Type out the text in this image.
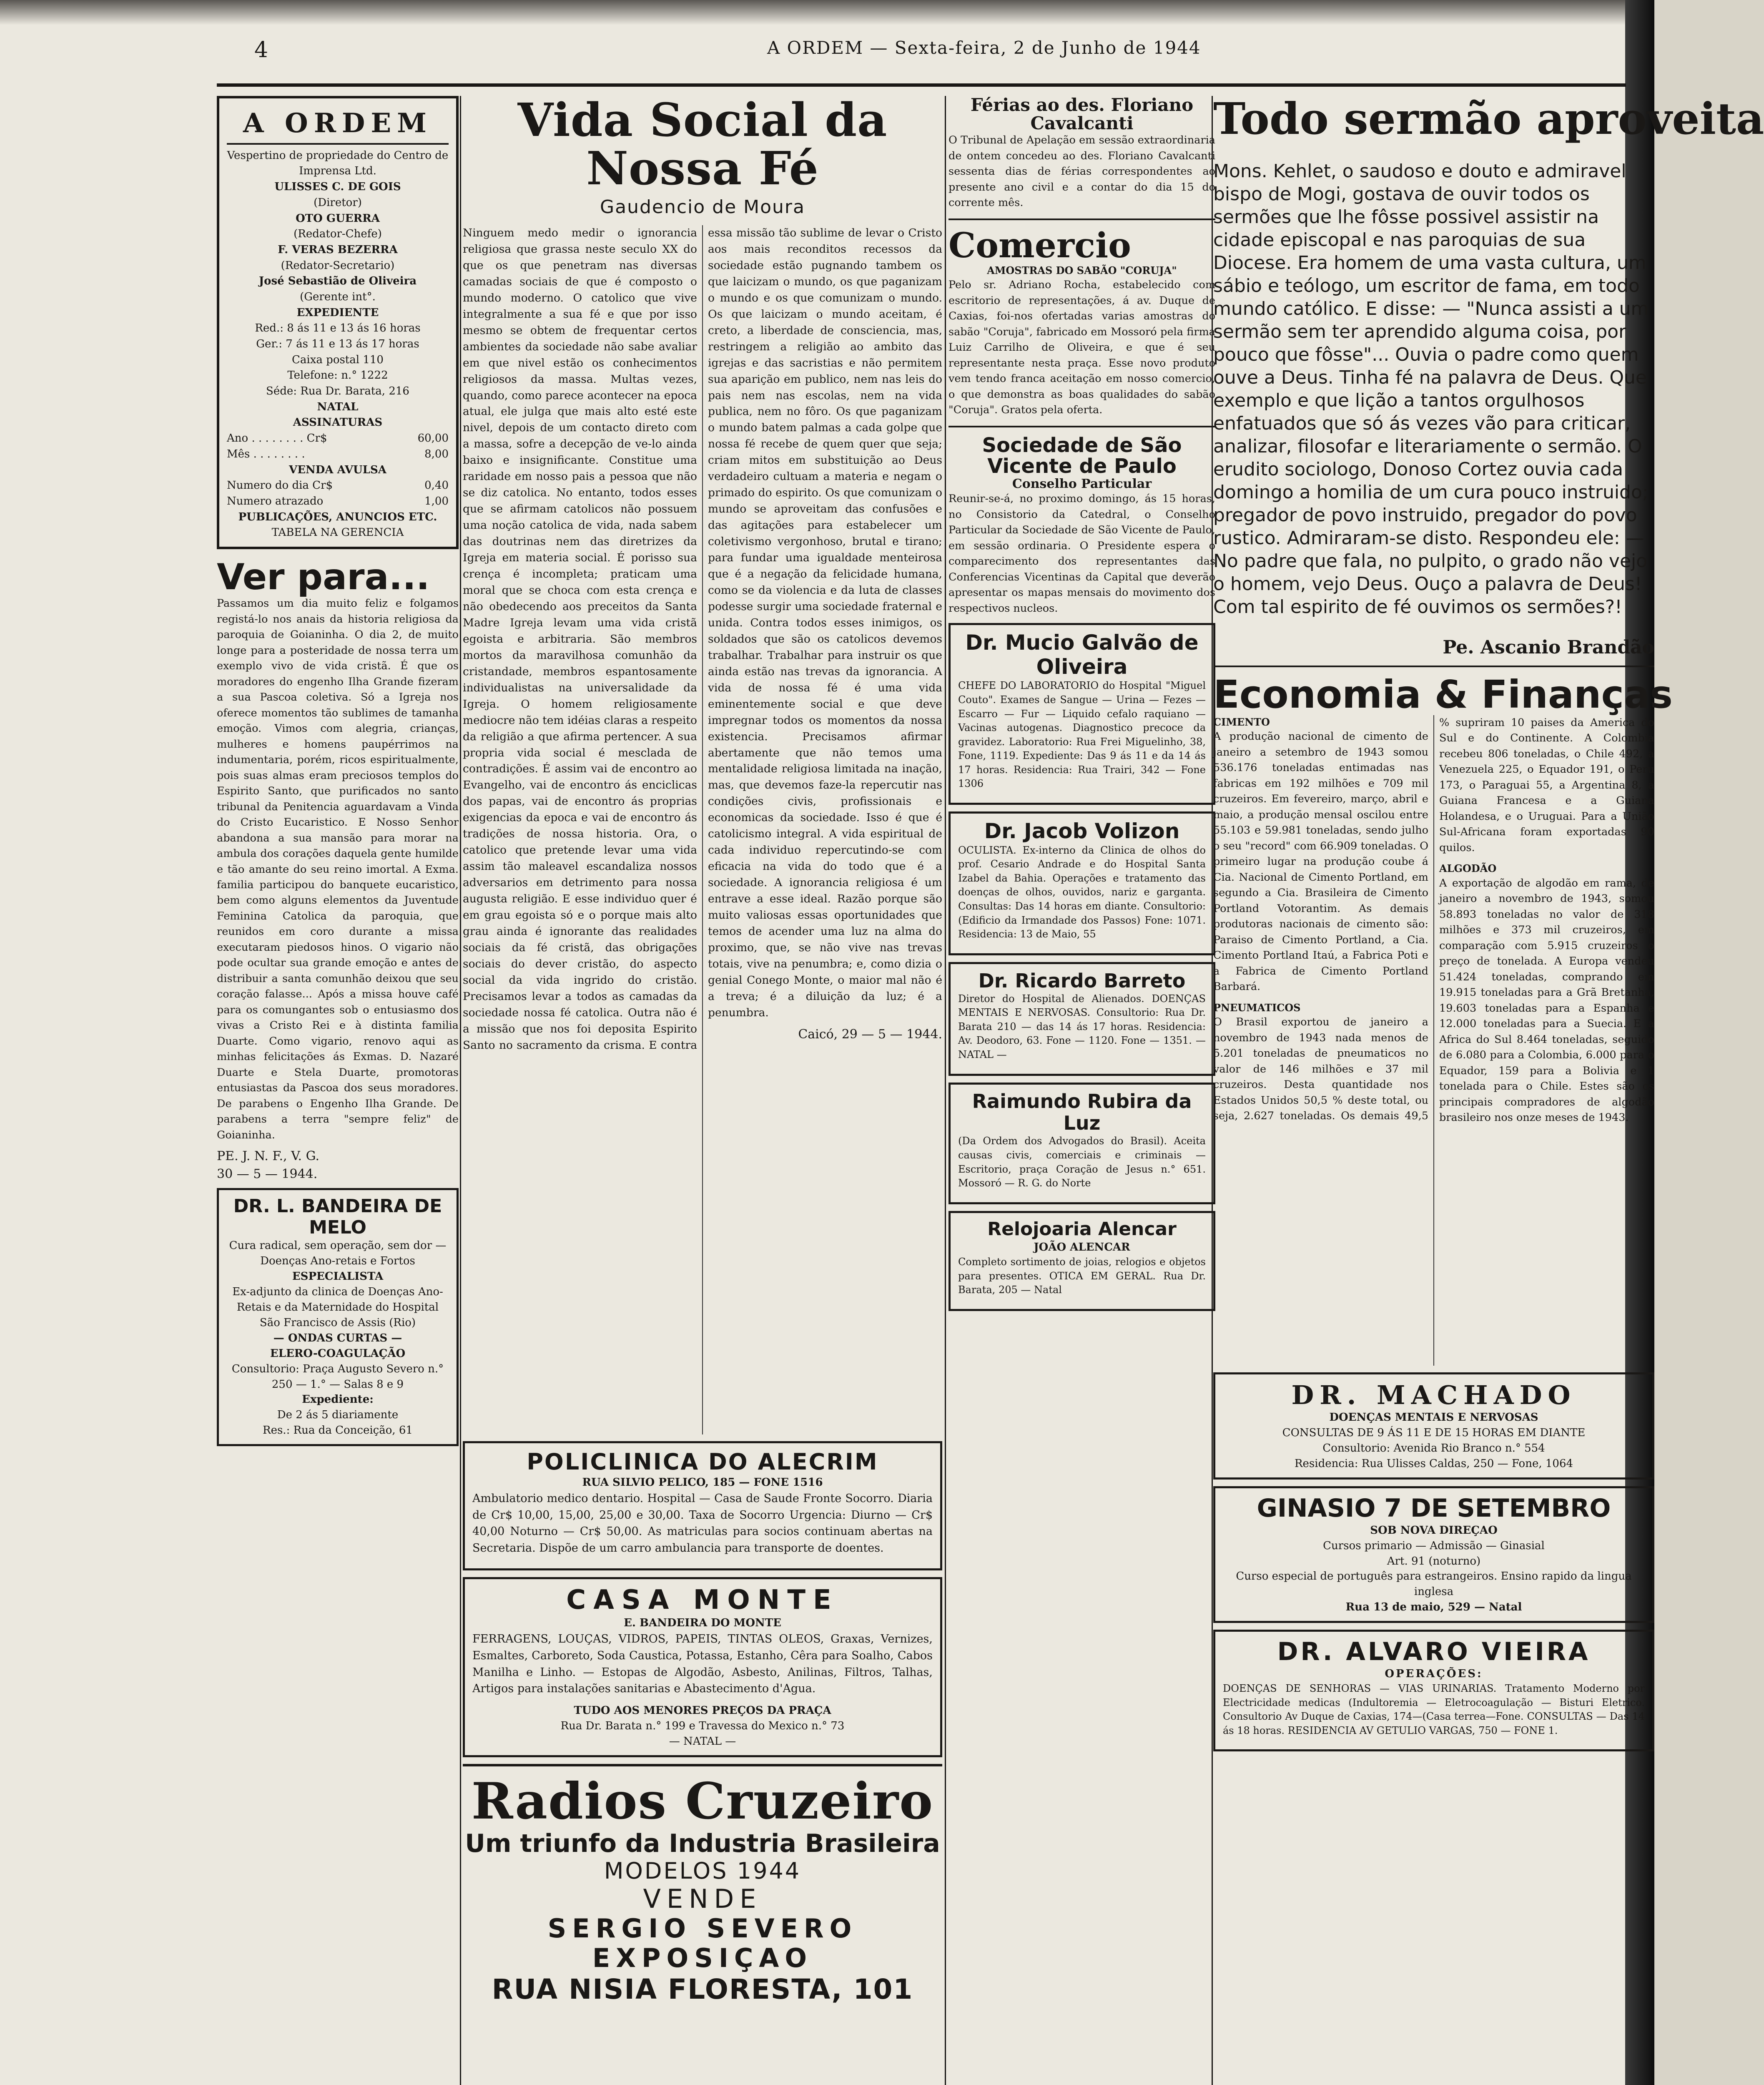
4	A ORDEM — Sexta-feira, 2 de Junho de 1944
A ORDEM
Vespertino de propriedade do Centro de Imprensa Ltd.
ULISSES C. DE GOIS
(Diretor)
OTO GUERRA
(Redator-Chefe)
F. VERAS BEZERRA
(Redator-Secretario)
José Sebastião de Oliveira
(Gerente int°.
EXPEDIENTE
Red.: 8 ás 11 e 13 ás 16 horas
Ger.: 7 ás 11 e 13 ás 17 horas
Caixa postal 110
Telefone: n.° 1222
Séde: Rua Dr. Barata, 216
NATAL
ASSINATURAS
Ano . . . . . . . . Cr$	60,00
Mês . . . . . . . .	8,00
VENDA AVULSA
Numero do dia Cr$	0,40
Numero atrazado	1,00
PUBLICAÇÕES, ANUNCIOS ETC.
TABELA NA GERENCIA
Ver para...

Passamos um dia muito feliz e folgamos registá-lo nos anais da historia religiosa da paroquia de Goianinha. O dia 2, de muito longe para a posteridade de nossa terra um exemplo vivo de vida cristã. É que os moradores do engenho Ilha Grande fizeram a sua Pascoa coletiva. Só a Igreja nos oferece momentos tão sublimes de tamanha emoção. Vimos com alegria, crianças, mulheres e homens paupérrimos na indumentaria, porém, ricos espiritualmente, pois suas almas eram preciosos templos do Espirito Santo, que purificados no santo tribunal da Penitencia aguardavam a Vinda do Cristo Eucaristico. E Nosso Senhor abandona a sua mansão para morar na ambula dos corações daquela gente humilde e tão amante do seu reino imortal. A Exma. familia participou do banquete eucaristico, bem como alguns elementos da Juventude Feminina Catolica da paroquia, que reunidos em coro durante a missa executaram piedosos hinos. O vigario não pode ocultar sua grande emoção e antes de distribuir a santa comunhão deixou que seu coração falasse... Após a missa houve café para os comungantes sob o entusiasmo dos vivas a Cristo Rei e à distinta familia Duarte. Como vigario, renovo aqui as minhas felicitações ás Exmas. D. Nazaré Duarte e Stela Duarte, promotoras entusiastas da Pascoa dos seus moradores. De parabens o Engenho Ilha Grande. De parabens a terra "sempre feliz" de Goianinha.

PE. J. N. F., V. G.
30 — 5 — 1944.
DR. L. BANDEIRA DE MELO
Cura radical, sem operação, sem dor — Doenças Ano-retais e Fortos
ESPECIALISTA
Ex-adjunto da clinica de Doenças Ano-Retais e da Maternidade do Hospital São Francisco de Assis (Rio)
— ONDAS CURTAS —
ELERO-COAGULAÇÃO
Consultorio: Praça Augusto Severo n.° 250 — 1.° — Salas 8 e 9
Expediente:
De 2 ás 5 diariamente
Res.: Rua da Conceição, 61
Vida Social da Nossa Fé
Gaudencio de Moura

Ninguem medo medir o ignorancia religiosa que grassa neste seculo XX do que os que penetram nas diversas camadas sociais de que é composto o mundo moderno. O catolico que vive integralmente a sua fé e que por isso mesmo se obtem de frequentar certos ambientes da sociedade não sabe avaliar em que nivel estão os conhecimentos religiosos da massa. Multas vezes, quando, como parece acontecer na epoca atual, ele julga que mais alto esté este nivel, depois de um contacto direto com a massa, sofre a decepção de ve-lo ainda baixo e insignificante. Constitue uma raridade em nosso pais a pessoa que não se diz catolica. No entanto, todos esses que se afirmam catolicos não possuem uma noção catolica de vida, nada sabem das doutrinas nem das diretrizes da Igreja em materia social. É porisso sua crença é incompleta; praticam uma moral que se choca com esta crença e não obedecendo aos preceitos da Santa Madre Igreja levam uma vida cristã egoista e arbitraria. São membros mortos da maravilhosa comunhão da cristandade, membros espantosamente individualistas na universalidade da Igreja. O homem religiosamente mediocre não tem idéias claras a respeito da religião a que afirma pertencer. A sua propria vida social é mesclada de contradições. É assim vai de encontro ao Evangelho, vai de encontro ás enciclicas dos papas, vai de encontro ás proprias exigencias da epoca e vai de encontro ás tradições de nossa historia. Ora, o catolico que pretende levar uma vida assim tão maleavel escandaliza nossos adversarios em detrimento para nossa augusta religião. E esse individuo quer é em grau egoista só e o porque mais alto grau ainda é ignorante das realidades sociais da fé cristã, das obrigações sociais do dever cristão, do aspecto social da vida ingrido do cristão. Precisamos levar a todos as camadas da sociedade nossa fé catolica. Outra não é a missão que nos foi deposita Espirito Santo no sacramento da crisma. E contra essa missão tão sublime de levar o Cristo aos mais reconditos recessos da sociedade estão pugnando tambem os que laicizam o mundo, os que paganizam o mundo e os que comunizam o mundo. Os que laicizam o mundo aceitam, é creto, a liberdade de consciencia, mas, restringem a religião ao ambito das igrejas e das sacristias e não permitem sua aparição em publico, nem nas leis do pais nem nas escolas, nem na vida publica, nem no fôro. Os que paganizam o mundo batem palmas a cada golpe que nossa fé recebe de quem quer que seja; criam mitos em substituição ao Deus verdadeiro cultuam a materia e negam o primado do espirito. Os que comunizam o mundo se aproveitam das confusões e das agitações para estabelecer um coletivismo vergonhoso, brutal e tirano; para fundar uma igualdade menteirosa que é a negação da felicidade humana, como se da violencia e da luta de classes podesse surgir uma sociedade fraternal e unida. Contra todos esses inimigos, os soldados que são os catolicos devemos trabalhar. Trabalhar para instruir os que ainda estão nas trevas da ignorancia. A vida de nossa fé é uma vida eminentemente social e que deve impregnar todos os momentos da nossa existencia. Precisamos afirmar abertamente que não temos uma mentalidade religiosa limitada na inação, mas, que devemos faze-la repercutir nas condições civis, profissionais e economicas da sociedade. Isso é que é catolicismo integral. A vida espiritual de cada individuo repercutindo-se com eficacia na vida do todo que é a sociedade. A ignorancia religiosa é um entrave a esse ideal. Razão porque são muito valiosas essas oportunidades que temos de acender uma luz na alma do proximo, que, se não vive nas trevas totais, vive na penumbra; e, como dizia o genial Conego Monte, o maior mal não é a treva; é a diluição da luz; é a penumbra.

Caicó, 29 — 5 — 1944.
POLICLINICA DO ALECRIM
RUA SILVIO PELICO, 185 — FONE 1516

Ambulatorio medico dentario. Hospital — Casa de Saude Fronte Socorro. Diaria de Cr$ 10,00, 15,00, 25,00 e 30,00. Taxa de Socorro Urgencia: Diurno — Cr$ 40,00 Noturno — Cr$ 50,00. As matriculas para socios continuam abertas na Secretaria. Dispõe de um carro ambulancia para transporte de doentes.

CASA MONTE
E. BANDEIRA DO MONTE

FERRAGENS, LOUÇAS, VIDROS, PAPEIS, TINTAS OLEOS, Graxas, Vernizes, Esmaltes, Carboreto, Soda Caustica, Potassa, Estanho, Cêra para Soalho, Cabos Manilha e Linho. — Estopas de Algodão, Asbesto, Anilinas, Filtros, Talhas, Artigos para instalações sanitarias e Abastecimento d'Agua.

TUDO AOS MENORES PREÇOS DA PRAÇA
Rua Dr. Barata n.° 199 e Travessa do Mexico n.° 73
— NATAL —
Radios Cruzeiro
Um triunfo da Industria Brasileira
MODELOS 1944
VENDE
SERGIO SEVERO
EXPOSIÇAO
RUA NISIA FLORESTA, 101
Férias ao des. Floriano Cavalcanti

O Tribunal de Apelação em sessão extraordinaria de ontem concedeu ao des. Floriano Cavalcanti sessenta dias de férias correspondentes ao presente ano civil e a contar do dia 15 do corrente mês.

Comercio
AMOSTRAS DO SABÃO "CORUJA"

Pelo sr. Adriano Rocha, estabelecido com escritorio de representações, á av. Duque de Caxias, foi-nos ofertadas varias amostras do sabão "Coruja", fabricado em Mossoró pela firma Luiz Carrilho de Oliveira, e que é seu representante nesta praça. Esse novo produto vem tendo franca aceitação em nosso comercio, o que demonstra as boas qualidades do sabão "Coruja". Gratos pela oferta.

Sociedade de São Vicente de Paulo
Conselho Particular

Reunir-se-á, no proximo domingo, ás 15 horas, no Consistorio da Catedral, o Conselho Particular da Sociedade de São Vicente de Paulo, em sessão ordinaria. O Presidente espera o comparecimento dos representantes das Conferencias Vicentinas da Capital que deverão apresentar os mapas mensais do movimento dos respectivos nucleos.

Dr. Mucio Galvão de Oliveira

CHEFE DO LABORATORIO do Hospital "Miguel Couto". Exames de Sangue — Urina — Fezes — Escarro — Fur — Liquido cefalo raquiano — Vacinas autogenas. Diagnostico precoce da gravidez. Laboratorio: Rua Frei Miguelinho, 38, Fone, 1119. Expediente: Das 9 ás 11 e da 14 ás 17 horas. Residencia: Rua Trairi, 342 — Fone 1306

Dr. Jacob Volizon

OCULISTA. Ex-interno da Clinica de olhos do prof. Cesario Andrade e do Hospital Santa Izabel da Bahia. Operações e tratamento das doenças de olhos, ouvidos, nariz e garganta. Consultas: Das 14 horas em diante. Consultorio: (Edificio da Irmandade dos Passos) Fone: 1071. Residencia: 13 de Maio, 55

Dr. Ricardo Barreto

Diretor do Hospital de Alienados. DOENÇAS MENTAIS E NERVOSAS. Consultorio: Rua Dr. Barata 210 — das 14 ás 17 horas. Residencia: Av. Deodoro, 63. Fone — 1120. Fone — 1351. — NATAL —

Raimundo Rubira da Luz

(Da Ordem dos Advogados do Brasil). Aceita causas civis, comerciais e criminais — Escritorio, praça Coração de Jesus n.° 651. Mossoró — R. G. do Norte

Relojoaria Alencar
JOÃO ALENCAR

Completo sortimento de joias, relogios e objetos para presentes. OTICA EM GERAL. Rua Dr. Barata, 205 — Natal

Todo sermão aproveita

Mons. Kehlet, o saudoso e douto e admiravel bispo de Mogi, gostava de ouvir todos os sermões que lhe fôsse possivel assistir na cidade episcopal e nas paroquias de sua Diocese. Era homem de uma vasta cultura, um sábio e teólogo, um escritor de fama, em todo mundo católico. E disse: — "Nunca assisti a um sermão sem ter aprendido alguma coisa, por pouco que fôsse"... Ouvia o padre como quem ouve a Deus. Tinha fé na palavra de Deus. Que exemplo e que lição a tantos orgulhosos enfatuados que só ás vezes vão para criticar, analizar, filosofar e literariamente o sermão. O erudito sociologo, Donoso Cortez ouvia cada domingo a homilia de um cura pouco instruido; pregador de povo instruido, pregador do povo rustico. Admiraram-se disto. Respondeu ele: — No padre que fala, no pulpito, o grado não vejo o homem, vejo Deus. Ouço a palavra de Deus! Com tal espirito de fé ouvimos os sermões?!

Pe. Ascanio Brandão
Economia & Finanças
CIMENTO

A produção nacional de cimento de janeiro a setembro de 1943 somou 536.176 toneladas entimadas nas fabricas em 192 milhões e 709 mil cruzeiros. Em fevereiro, março, abril e maio, a produção mensal oscilou entre 55.103 e 59.981 toneladas, sendo julho o seu "record" com 66.909 toneladas. O primeiro lugar na produção coube á Cia. Nacional de Cimento Portland, em segundo a Cia. Brasileira de Cimento Portland Votorantim. As demais produtoras nacionais de cimento são: Paraiso de Cimento Portland, a Cia. Cimento Portland Itaú, a Fabrica Poti e a Fabrica de Cimento Portland Barbará.

PNEUMATICOS

O Brasil exportou de janeiro a novembro de 1943 nada menos de 5.201 toneladas de pneumaticos no valor de 146 milhões e 37 mil cruzeiros. Desta quantidade nos Estados Unidos 50,5 % deste total, ou seja, 2.627 toneladas. Os demais 49,5 % supriram 10 paises da America do Sul e do Continente. A Colombia recebeu 806 toneladas, o Chile 492, a Venezuela 225, o Equador 191, o Peru 173, o Paraguai 55, a Argentina 8, a Guiana Francesa e a Guiana Holandesa, e o Uruguai. Para a União Sul-Africana foram exportadas 90 quilos.

ALGODÃO

A exportação de algodão em rama, de janeiro a novembro de 1943, somou 58.893 toneladas no valor de 318 milhões e 373 mil cruzeiros, em comparação com 5.915 cruzeiros o preço de tonelada. A Europa vendeu 51.424 toneladas, comprando em 19.915 toneladas para a Grã Bretanha, 19.603 toneladas para a Espanha e 12.000 toneladas para a Suecia. E a Africa do Sul 8.464 toneladas, seguido de 6.080 para a Colombia, 6.000 para o Equador, 159 para a Bolivia e 1 tonelada para o Chile. Estes são os principais compradores de algodão brasileiro nos onze meses de 1943.

DR. MACHADO
DOENÇAS MENTAIS E NERVOSAS
CONSULTAS DE 9 ÁS 11 E DE 15 HORAS EM DIANTE
Consultorio: Avenida Rio Branco n.° 554
Residencia: Rua Ulisses Caldas, 250 — Fone, 1064
GINASIO 7 DE SETEMBRO
SOB NOVA DIREÇAO
Cursos primario — Admissão — Ginasial
Art. 91 (noturno)
Curso especial de português para estrangeiros. Ensino rapido da lingua inglesa
Rua 13 de maio, 529 — Natal
DR. ALVARO VIEIRA
OPERAÇÕES:

DOENÇAS DE SENHORAS — VIAS URINARIAS. Tratamento Moderno por Electricidade medicas (Indultoremia — Eletrocoagulação — Bisturi Eletrico. Consultorio Av Duque de Caxias, 174—(Casa terrea—Fone. CONSULTAS — Das 14 ás 18 horas. RESIDENCIA AV GETULIO VARGAS, 750 — FONE 1.
